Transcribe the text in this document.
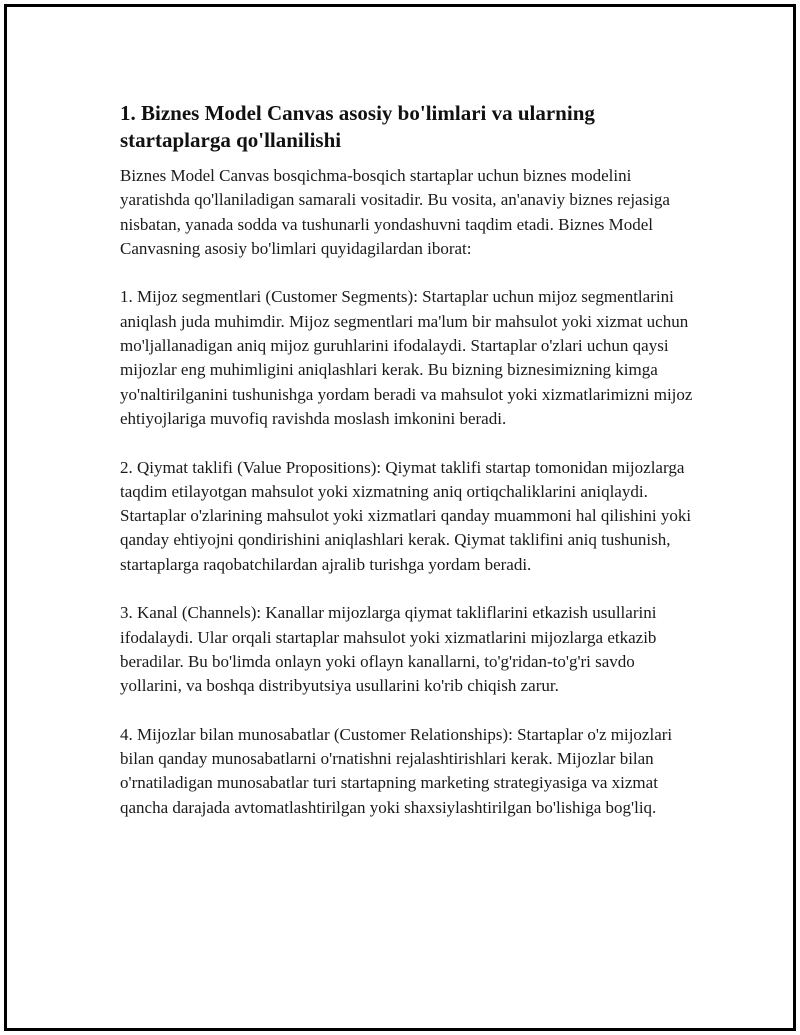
1. Biznes Model Canvas asosiy bo'limlari va ularning startaplarga qo'llanilishi

Biznes Model Canvas bosqichma-bosqich startaplar uchun biznes modelini yaratishda qo'llaniladigan samarali vositadir. Bu vosita, an'anaviy biznes rejasiga nisbatan, yanada sodda va tushunarli yondashuvni taqdim etadi. Biznes Model Canvasning asosiy bo'limlari quyidagilardan iborat:

1. Mijoz segmentlari (Customer Segments): Startaplar uchun mijoz segmentlarini aniqlash juda muhimdir. Mijoz segmentlari ma'lum bir mahsulot yoki xizmat uchun mo'ljallanadigan aniq mijoz guruhlarini ifodalaydi. Startaplar o'zlari uchun qaysi mijozlar eng muhimligini aniqlashlari kerak. Bu bizning biznesimizning kimga yo'naltirilganini tushunishga yordam beradi va mahsulot yoki xizmatlarimizni mijoz ehtiyojlariga muvofiq ravishda moslash imkonini beradi.

2. Qiymat taklifi (Value Propositions): Qiymat taklifi startap tomonidan mijozlarga taqdim etilayotgan mahsulot yoki xizmatning aniq ortiqchaliklarini aniqlaydi. Startaplar o'zlarining mahsulot yoki xizmatlari qanday muammoni hal qilishini yoki qanday ehtiyojni qondirishini aniqlashlari kerak. Qiymat taklifini aniq tushunish, startaplarga raqobatchilardan ajralib turishga yordam beradi.

3. Kanal (Channels): Kanallar mijozlarga qiymat takliflarini etkazish usullarini ifodalaydi. Ular orqali startaplar mahsulot yoki xizmatlarini mijozlarga etkazib beradilar. Bu bo'limda onlayn yoki oflayn kanallarni, to'g'ridan-to'g'ri savdo yollarini, va boshqa distribyutsiya usullarini ko'rib chiqish zarur.

4. Mijozlar bilan munosabatlar (Customer Relationships): Startaplar o'z mijozlari bilan qanday munosabatlarni o'rnatishni rejalashtirishlari kerak. Mijozlar bilan o'rnatiladigan munosabatlar turi startapning marketing strategiyasiga va xizmat qancha darajada avtomatlashtirilgan yoki shaxsiylashtirilgan bo'lishiga bog'liq.
